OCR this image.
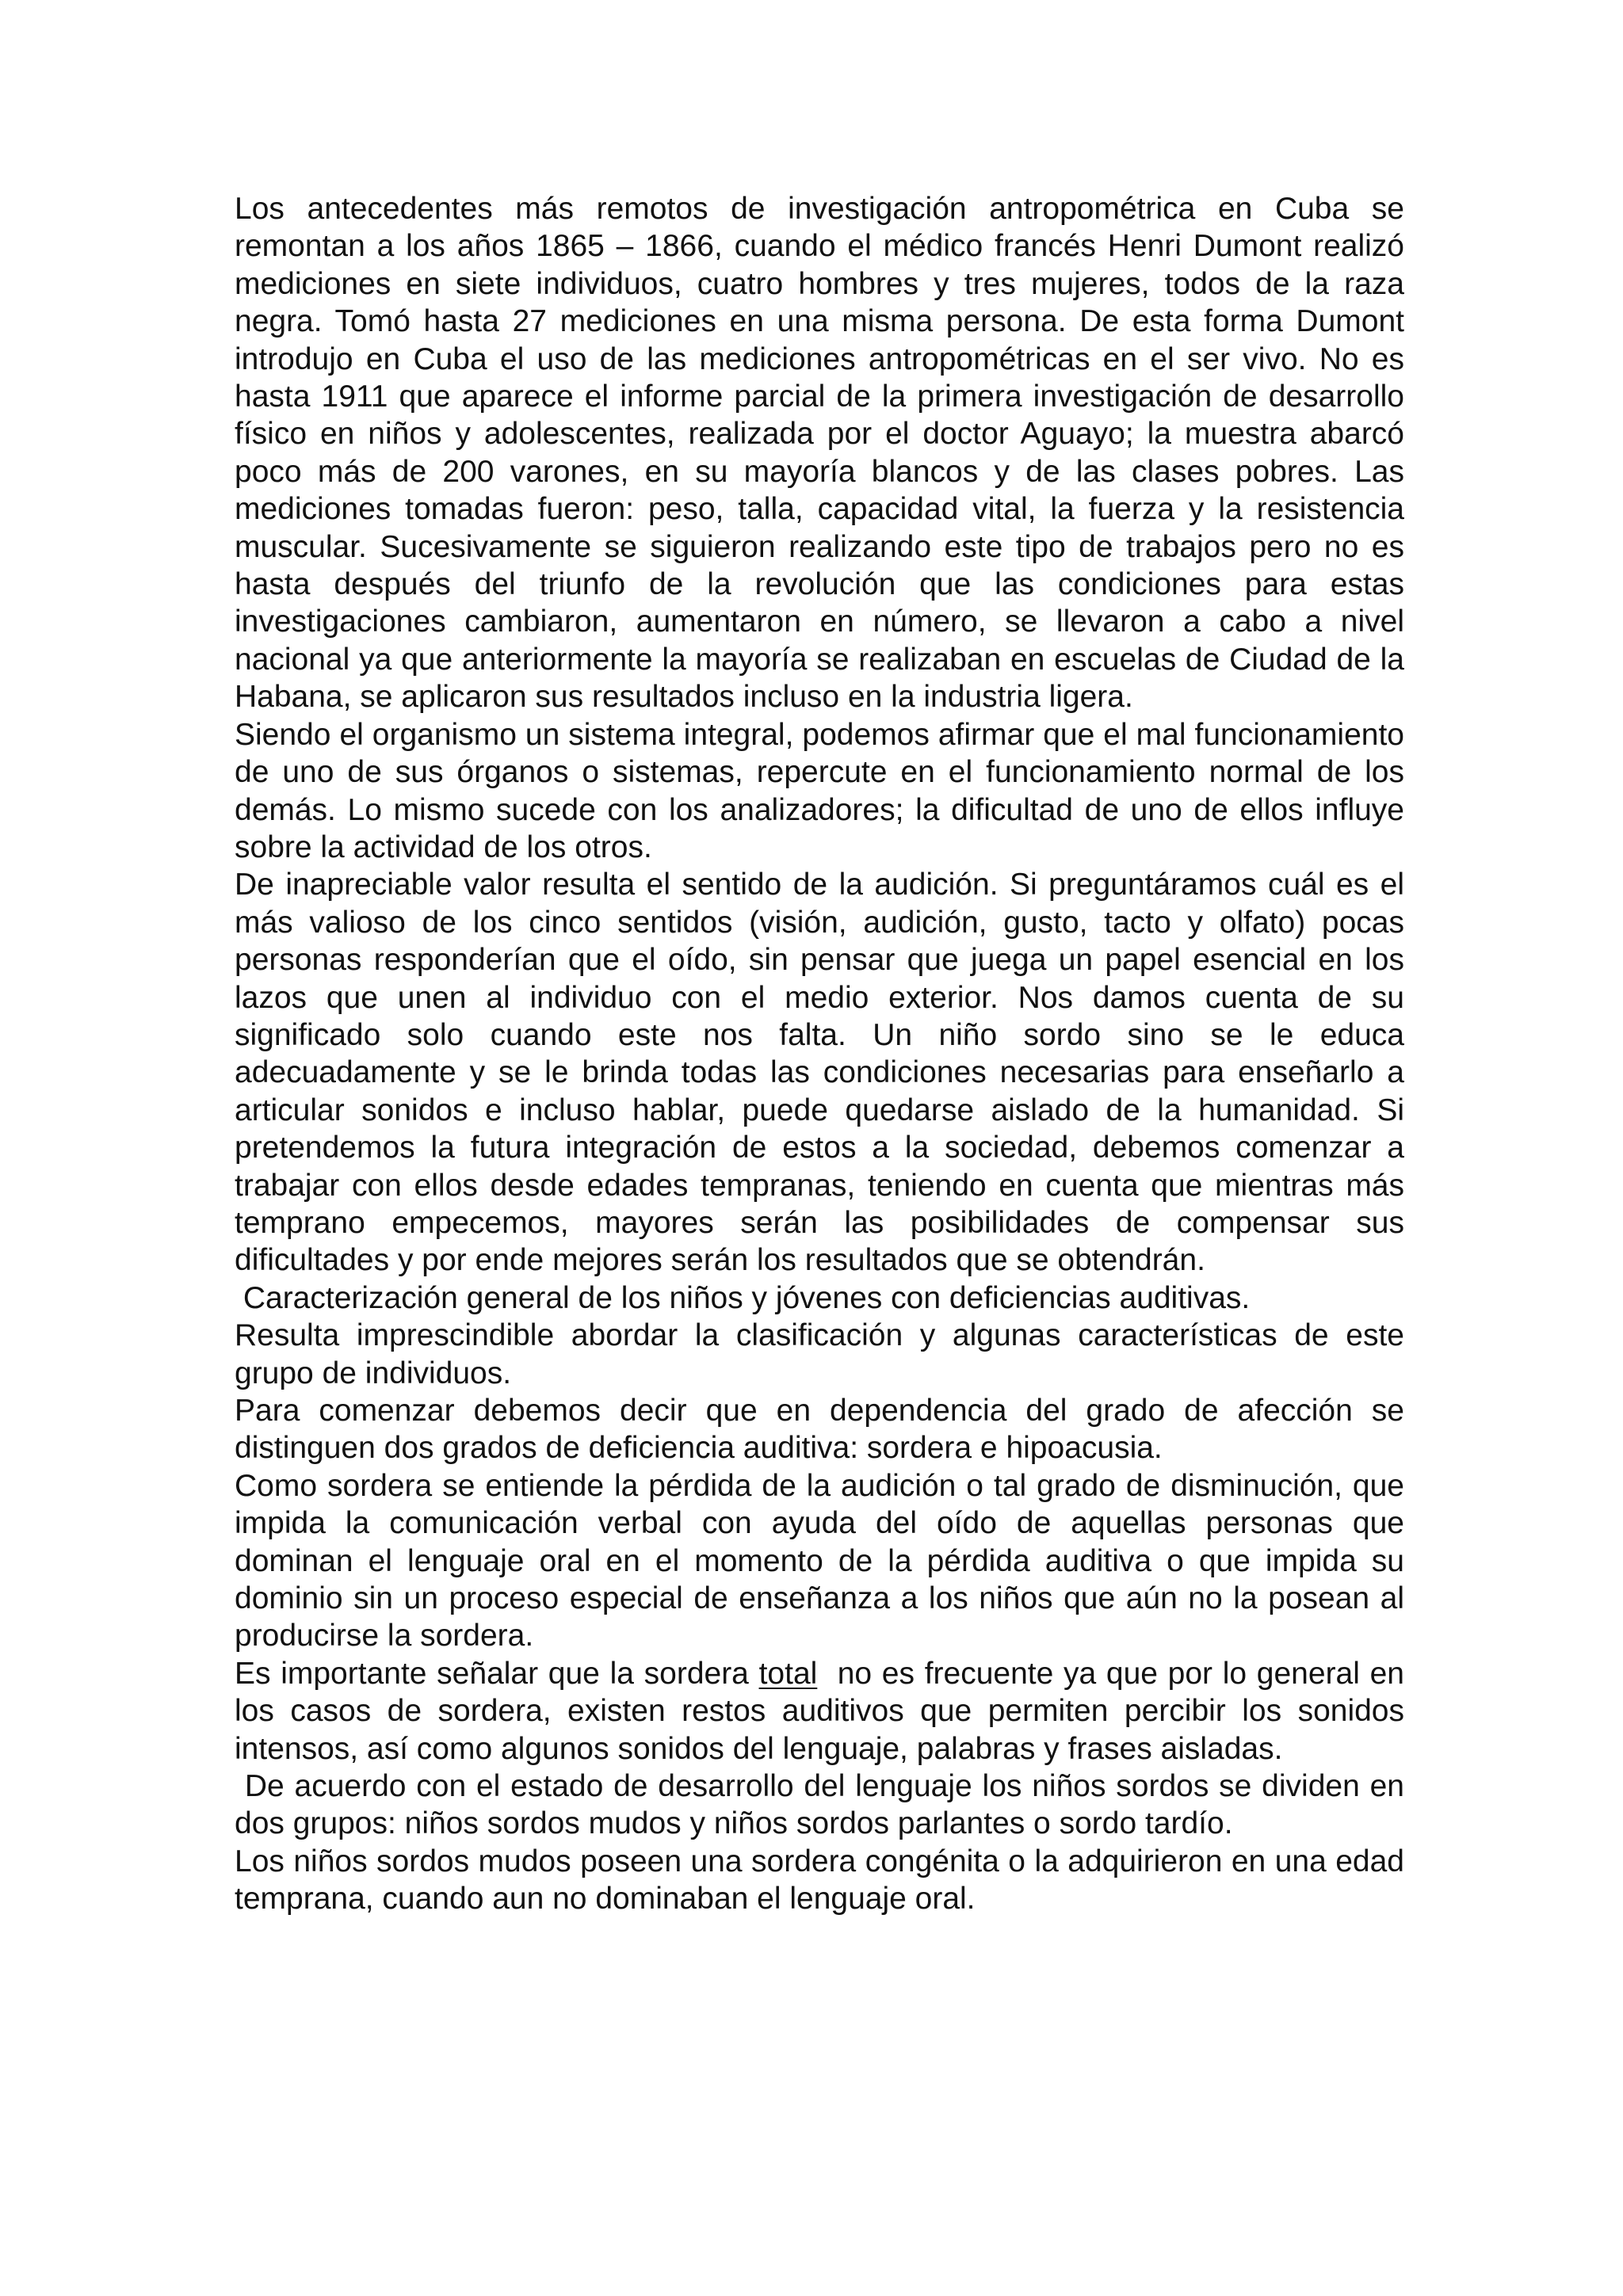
Los antecedentes más remotos de investigación antropométrica en Cuba se remontan a los años 1865 – 1866, cuando el médico francés Henri Dumont realizó mediciones en siete individuos, cuatro hombres y tres mujeres, todos de la raza negra. Tomó hasta 27 mediciones en una misma persona. De esta forma Dumont introdujo en Cuba el uso de las mediciones antropométricas en el ser vivo. No es hasta 1911 que aparece el informe parcial de la primera investigación de desarrollo físico en niños y adolescentes, realizada por el doctor Aguayo; la muestra abarcó poco más de 200 varones, en su mayoría blancos y de las clases pobres. Las mediciones tomadas fueron: peso, talla, capacidad vital, la fuerza y la resistencia muscular. Sucesivamente se siguieron realizando este tipo de trabajos pero no es hasta después del triunfo de la revolución que las condiciones para estas investigaciones cambiaron, aumentaron en número, se llevaron a cabo a nivel nacional ya que anteriormente la mayoría se realizaban en escuelas de Ciudad de la Habana, se aplicaron sus resultados incluso en la industria ligera.

Siendo el organismo un sistema integral, podemos afirmar que el mal funcionamiento de uno de sus órganos o sistemas, repercute en el funcionamiento normal de los demás. Lo mismo sucede con los analizadores; la dificultad de uno de ellos influye sobre la actividad de los otros.

De inapreciable valor resulta el sentido de la audición. Si preguntáramos cuál es el más valioso de los cinco sentidos (visión, audición, gusto, tacto y olfato) pocas personas responderían que el oído, sin pensar que juega un papel esencial en los lazos que unen al individuo con el medio exterior. Nos damos cuenta de su significado solo cuando este nos falta. Un niño sordo sino se le educa adecuadamente y se le brinda todas las condiciones necesarias para enseñarlo a articular sonidos e incluso hablar, puede quedarse aislado de la humanidad. Si pretendemos la futura integración de estos a la sociedad, debemos comenzar a trabajar con ellos desde edades tempranas, teniendo en cuenta que mientras más temprano empecemos, mayores serán las posibilidades de compensar sus dificultades y por ende mejores serán los resultados que se obtendrán.

Caracterización general de los niños y jóvenes con deficiencias auditivas.

Resulta imprescindible abordar la clasificación y algunas características de este grupo de individuos.

Para comenzar debemos decir que en dependencia del grado de afección se distinguen dos grados de deficiencia auditiva: sordera e hipoacusia.

Como sordera se entiende la pérdida de la audición o tal grado de disminución, que impida la comunicación verbal con ayuda del oído de aquellas personas que dominan el lenguaje oral en el momento de la pérdida auditiva o que impida su dominio sin un proceso especial de enseñanza a los niños que aún no la posean al producirse la sordera.

Es importante señalar que la sordera total  no es frecuente ya que por lo general en los casos de sordera, existen restos auditivos que permiten percibir los sonidos intensos, así como algunos sonidos del lenguaje, palabras y frases aisladas.

De acuerdo con el estado de desarrollo del lenguaje los niños sordos se dividen en dos grupos: niños sordos mudos y niños sordos parlantes o sordo tardío.

Los niños sordos mudos poseen una sordera congénita o la adquirieron en una edad temprana, cuando aun no dominaban el lenguaje oral.
